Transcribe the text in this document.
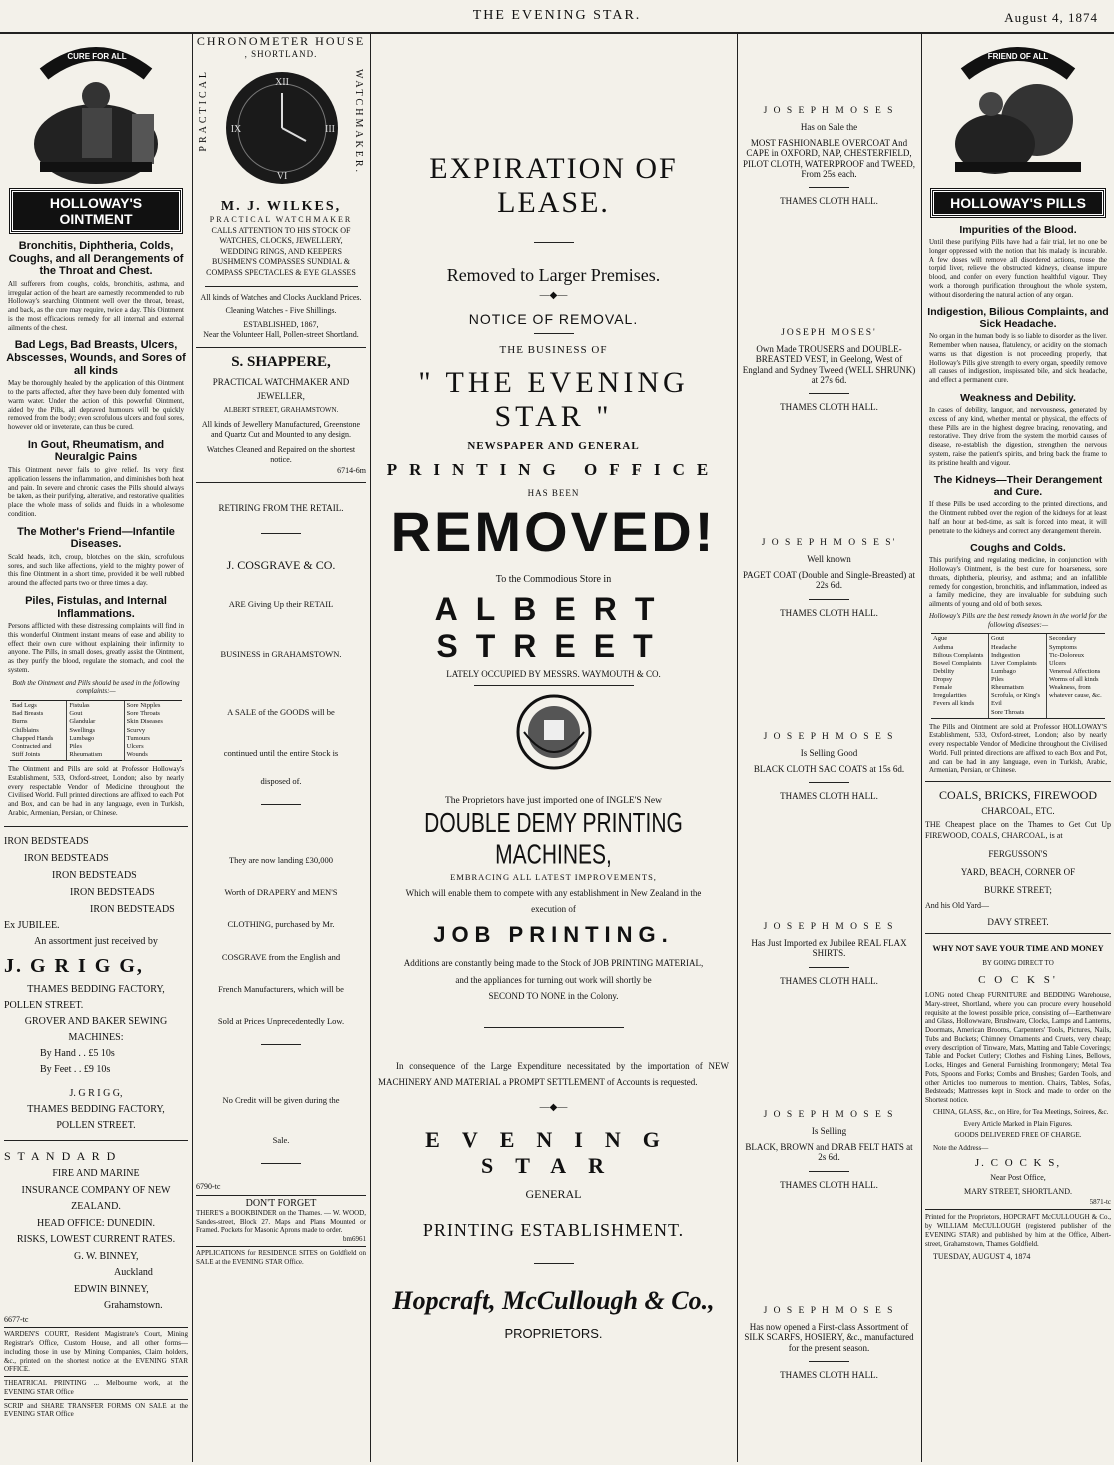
THE EVENING STAR.	August 4, 1874
CURE FOR ALL
HOLLOWAY'S OINTMENT
Bronchitis, Diphtheria, Colds, Coughs, and all Derangements of the Throat and Chest.
All sufferers from coughs, colds, bronchitis, asthma, and irregular action of the heart are earnestly recommended to rub Holloway's searching Ointment well over the throat, breast, and back, as the cure may require, twice a day. This Ointment is the most efficacious remedy for all internal and external ailments of the chest.
Bad Legs, Bad Breasts, Ulcers, Abscesses, Wounds, and Sores of all kinds
May be thoroughly healed by the application of this Ointment to the parts affected, after they have been duly fomented with warm water. Under the action of this powerful Ointment, aided by the Pills, all depraved humours will be quickly removed from the body; even scrofulous ulcers and foul sores, however old or inveterate, can thus be cured.
In Gout, Rheumatism, and Neuralgic Pains
This Ointment never fails to give relief. Its very first application lessens the inflammation, and diminishes both heat and pain. In severe and chronic cases the Pills should always be taken, as their purifying, alterative, and restorative qualities place the whole mass of solids and fluids in a wholesome condition.
The Mother's Friend—Infantile Diseases.
Scald heads, itch, croup, blotches on the skin, scrofulous sores, and such like affections, yield to the mighty power of this fine Ointment in a short time, provided it be well rubbed around the affected parts two or three times a day.
Piles, Fistulas, and Internal Inflammations.
Persons afflicted with these distressing complaints will find in this wonderful Ointment instant means of ease and ability to effect their own cure without explaining their infirmity to anyone. The Pills, in small doses, greatly assist the Ointment, as they purify the blood, regulate the stomach, and cool the system.
Both the Ointment and Pills should be used in the following complaints:—
Bad Legs
Bad Breasts
Burns
Chilblains
Chapped Hands
Contracted and Stiff Joints
Fistulas
Gout
Glandular Swellings
Lumbago
Piles
Rheumatism
Sore Nipples
Sore Throats
Skin Diseases
Scurvy
Tumours
Ulcers
Wounds
The Ointment and Pills are sold at Professor Holloway's Establishment, 533, Oxford-street, London; also by nearly every respectable Vendor of Medicine throughout the Civilised World. Full printed directions are affixed to each Pot and Box, and can be had in any language, even in Turkish, Arabic, Armenian, Persian, or Chinese.
IRON BEDSTEADS
IRON BEDSTEADS
IRON BEDSTEADS
IRON BEDSTEADS
IRON BEDSTEADS
Ex JUBILEE.
An assortment just received by
J. G R I G G,
THAMES BEDDING FACTORY,
POLLEN STREET.
GROVER AND BAKER SEWING
MACHINES:
By Hand . . £5 10s
By Feet . . £9 10s
J. G R I G G,
THAMES BEDDING FACTORY,
POLLEN STREET.
S T A N D A R D
FIRE AND MARINE
INSURANCE COMPANY OF NEW
ZEALAND.
HEAD OFFICE: DUNEDIN.
RISKS, LOWEST CURRENT RATES.
G. W. BINNEY,
Auckland
EDWIN BINNEY,
Grahamstown.
6677-tc
WARDEN'S COURT, Resident Magistrate's Court, Mining Registrar's Office, Custom House, and all other forms—including those in use by Mining Companies, Claim holders, &c., printed on the shortest notice at the EVENING STAR OFFICE.
THEATRICAL PRINTING ... Melbourne work, at the EVENING STAR Office
SCRIP and SHARE TRANSFER FORMS ON SALE at the EVENING STAR Office
CHRONOMETER HOUSE
, SHORTLAND.
PRACTICAL	WATCHMAKER.
XII
III
VI
IX
M. J. WILKES,
PRACTICAL WATCHMAKER
CALLS ATTENTION TO HIS STOCK OF WATCHES, CLOCKS, JEWELLERY, WEDDING RINGS, AND KEEPERS BUSHMEN'S COMPASSES SUNDIAL & COMPASS SPECTACLES & EYE GLASSES
All kinds of Watches and Clocks Auckland Prices.
Cleaning Watches - Five Shillings.
ESTABLISHED, 1867,
Near the Volunteer Hall, Pollen-street Shortland.
S. SHAPPERE,
PRACTICAL WATCHMAKER AND JEWELLER,
ALBERT STREET, GRAHAMSTOWN.
All kinds of Jewellery Manufactured, Greenstone and Quartz Cut and Mounted to any design.
Watches Cleaned and Repaired on the shortest notice.
6714-6m
RETIRING FROM THE RETAIL.
J. COSGRAVE & CO.
ARE Giving Up their RETAIL
BUSINESS in GRAHAMSTOWN.
A SALE of the GOODS will be
continued until the entire Stock is
disposed of.
They are now landing £30,000
Worth of DRAPERY and MEN'S
CLOTHING, purchased by Mr.
COSGRAVE from the English and
French Manufacturers, which will be
Sold at Prices Unprecedentedly Low.
No Credit will be given during the
Sale.
6790-tc
DON'T FORGET
THERE'S a BOOKBINDER on the Thames. — W. WOOD, Sandes-street, Block 27. Maps and Plans Mounted or Framed. Pockets for Masonic Aprons made to order.
bm6961
APPLICATIONS for RESIDENCE SITES on Goldfield on SALE at the EVENING STAR Office.
EXPIRATION OF LEASE.
Removed to Larger Premises.
—◆—
NOTICE OF REMOVAL.
THE BUSINESS OF
" THE EVENING STAR "
NEWSPAPER AND GENERAL
PRINTING OFFICE
HAS BEEN
REMOVED!
To the Commodious Store in
ALBERT STREET
LATELY OCCUPIED BY MESSRS. WAYMOUTH & CO.
The Proprietors have just imported one of INGLE'S New
DOUBLE DEMY PRINTING MACHINES,
EMBRACING ALL LATEST IMPROVEMENTS,
Which will enable them to compete with any establishment in New Zealand in the
execution of
JOB PRINTING.
Additions are constantly being made to the Stock of JOB PRINTING MATERIAL,
and the appliances for turning out work will shortly be
SECOND TO NONE in the Colony.
In consequence of the Large Expenditure necessitated by the importation of NEW MACHINERY AND MATERIAL a PROMPT SETTLEMENT of Accounts is requested.
—◆—
EVENING STAR
GENERAL
PRINTING ESTABLISHMENT.
Hopcraft, McCullough & Co.,
PROPRIETORS.
J O S E P H M O S E S
Has on Sale the
MOST FASHIONABLE OVERCOAT And CAPE in OXFORD, NAP, CHESTERFIELD, PILOT CLOTH, WATERPROOF and TWEED, From 25s each.
THAMES CLOTH HALL.
JOSEPH MOSES'
Own Made TROUSERS and DOUBLE-BREASTED VEST, in Geelong, West of England and Sydney Tweed (WELL SHRUNK) at 27s 6d.
THAMES CLOTH HALL.
J O S E P H M O S E S'
Well known
PAGET COAT (Double and Single-Breasted) at 22s 6d.
THAMES CLOTH HALL.
J O S E P H M O S E S
Is Selling Good
BLACK CLOTH SAC COATS at 15s 6d.
THAMES CLOTH HALL.
J O S E P H M O S E S
Has Just Imported ex Jubilee REAL FLAX SHIRTS.
THAMES CLOTH HALL.
J O S E P H M O S E S
Is Selling
BLACK, BROWN and DRAB FELT HATS at 2s 6d.
THAMES CLOTH HALL.
J O S E P H M O S E S
Has now opened a First-class Assortment of SILK SCARFS, HOSIERY, &c., manufactured for the present season.
THAMES CLOTH HALL.
FRIEND OF ALL
HOLLOWAY'S PILLS
Impurities of the Blood.
Until these purifying Pills have had a fair trial, let no one be longer oppressed with the notion that his malady is incurable. A few doses will remove all disordered actions, rouse the torpid liver, relieve the obstructed kidneys, cleanse impure blood, and confer on every function healthful vigour. They work a thorough purification throughout the whole system, without disordering the natural action of any organ.
Indigestion, Bilious Complaints, and Sick Headache.
No organ in the human body is so liable to disorder as the liver. Remember when nausea, flatulency, or acidity on the stomach warns us that digestion is not proceeding properly, that Holloway's Pills give strength to every organ, speedily remove all causes of indigestion, inspissated bile, and sick headache, and effect a permanent cure.
Weakness and Debility.
In cases of debility, languor, and nervousness, generated by excess of any kind, whether mental or physical, the effects of these Pills are in the highest degree bracing, renovating, and restorative. They drive from the system the morbid causes of disease, re-establish the digestion, strengthen the nervous system, raise the patient's spirits, and bring back the frame to its pristine health and vigour.
The Kidneys—Their Derangement and Cure.
If these Pills be used according to the printed directions, and the Ointment rubbed over the region of the kidneys for at least half an hour at bed-time, as salt is forced into meat, it will penetrate to the kidneys and correct any derangement therein.
Coughs and Colds.
This purifying and regulating medicine, in conjunction with Holloway's Ointment, is the best cure for hoarseness, sore throats, diphtheria, pleurisy, and asthma; and an infallible remedy for congestion, bronchitis, and inflammation, indeed as a family medicine, they are invaluable for subduing such ailments of young and old of both sexes.
Holloway's Pills are the best remedy known in the world for the following diseases:—
Ague
Asthma
Bilious Complaints
Bowel Complaints
Debility
Dropsy
Female Irregularities
Fevers all kinds
Gout
Headache
Indigestion
Liver Complaints
Lumbago
Piles
Rheumatism
Scrofula, or King's Evil
Sore Throats
Secondary Symptoms
Tic-Doloreux
Ulcers
Venereal Affections
Worms of all kinds
Weakness, from whatever cause, &c.
The Pills and Ointment are sold at Professor HOLLOWAY'S Establishment, 533, Oxford-street, London; also by nearly every respectable Vendor of Medicine throughout the Civilised World. Full printed directions are affixed to each Box and Pot, and can be had in any language, even in Turkish, Arabic, Armenian, Persian, or Chinese.
COALS, BRICKS, FIREWOOD
CHARCOAL, ETC.
THE Cheapest place on the Thames to Get Cut Up FIREWOOD, COALS, CHARCOAL, is at
FERGUSSON'S
YARD, BEACH, CORNER OF
BURKE STREET;
And his Old Yard—
DAVY STREET.
WHY NOT SAVE YOUR TIME AND MONEY
BY GOING DIRECT TO
C O C K S'
LONG noted Cheap FURNITURE and BEDDING Warehouse, Mary-street, Shortland, where you can procure every household requisite at the lowest possible price, consisting of—Earthenware and Glass, Hollowware, Brushware, Clocks, Lamps and Lanterns, Doormats, American Brooms, Carpenters' Tools, Pictures, Nails, Tubs and Buckets; Chimney Ornaments and Cruets, very cheap; every description of Tinware, Mats, Matting and Table Coverings; Table and Pocket Cutlery; Clothes and Fishing Lines, Bellows, Locks, Hinges and General Furnishing Ironmongery; Metal Tea Pots, Spoons and Forks; Combs and Brushes; Garden Tools, and other Articles too numerous to mention. Chairs, Tables, Sofas, Bedsteads; Mattresses kept in Stock and made to order on the Shortest notice.
CHINA, GLASS, &c., on Hire, for Tea Meetings, Soirees, &c.
Every Article Marked in Plain Figures.
GOODS DELIVERED FREE OF CHARGE.
Note the Address—
J. C O C K S,
Near Post Office,
MARY STREET, SHORTLAND.
5871-tc
Printed for the Proprietors, HOPCRAFT McCULLOUGH & Co., by WILLIAM McCULLOUGH (registered publisher of the EVENING STAR) and published by him at the Office, Albert-street, Grahamstown, Thames Goldfield.
TUESDAY, AUGUST 4, 1874
